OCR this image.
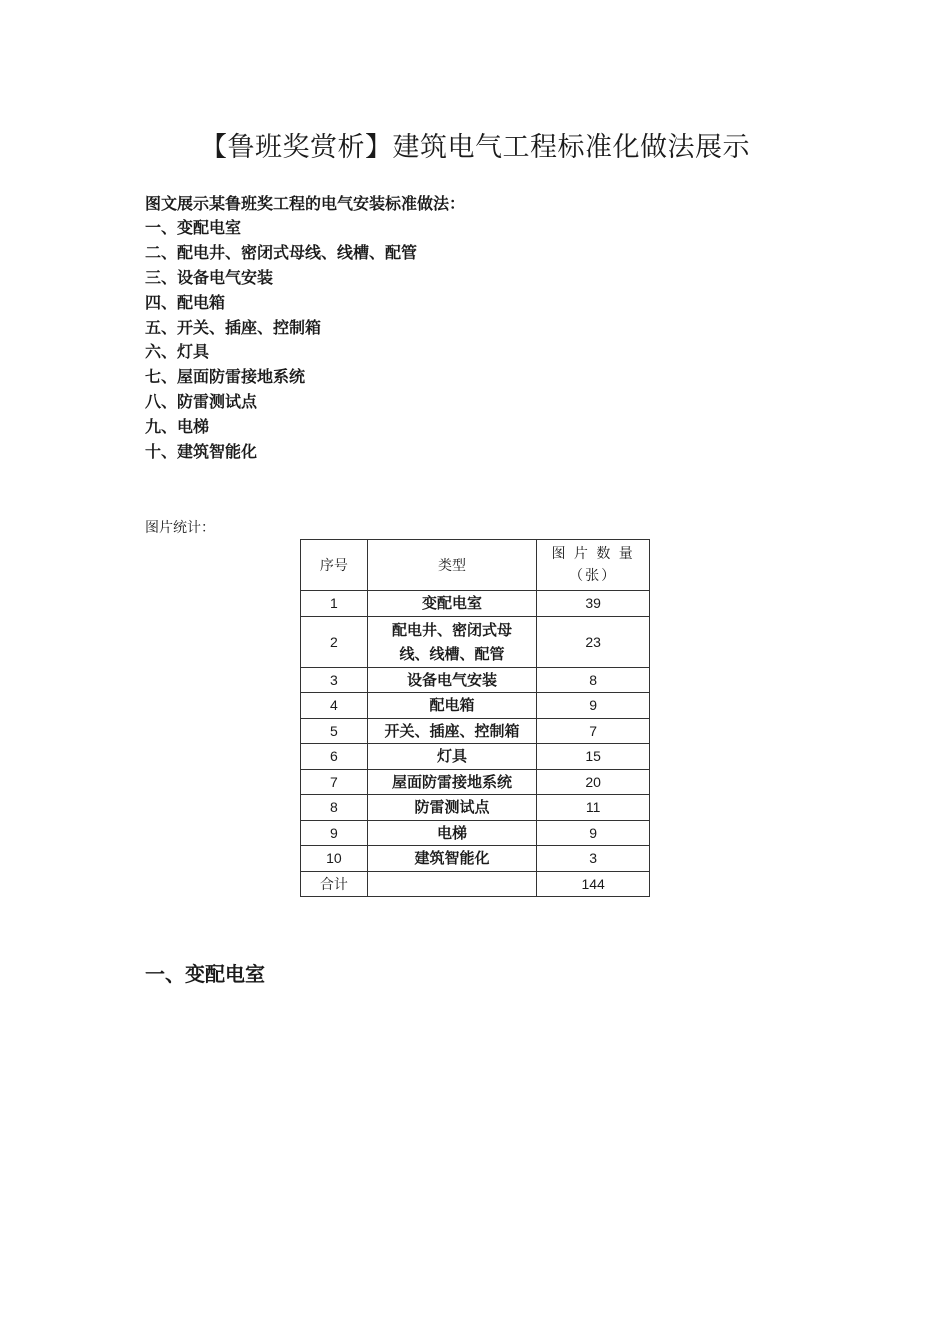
【鲁班奖赏析】建筑电气工程标准化做法展示
图文展示某鲁班奖工程的电气安装标准做法：
一、变配电室
二、配电井、密闭式母线、线槽、配管
三、设备电气安装
四、配电箱
五、开关、插座、控制箱
六、灯具
七、屋面防雷接地系统
八、防雷测试点
九、电梯
十、建筑智能化
图片统计：
序号	类型	图 片 数 量（张）
1	变配电室	39
2	配电井、密闭式母线、线槽、配管	23
3	设备电气安装	8
4	配电箱	9
5	开关、插座、控制箱	7
6	灯具	15
7	屋面防雷接地系统	20
8	防雷测试点	11
9	电梯	9
10	建筑智能化	3
合计		144
一、变配电室
